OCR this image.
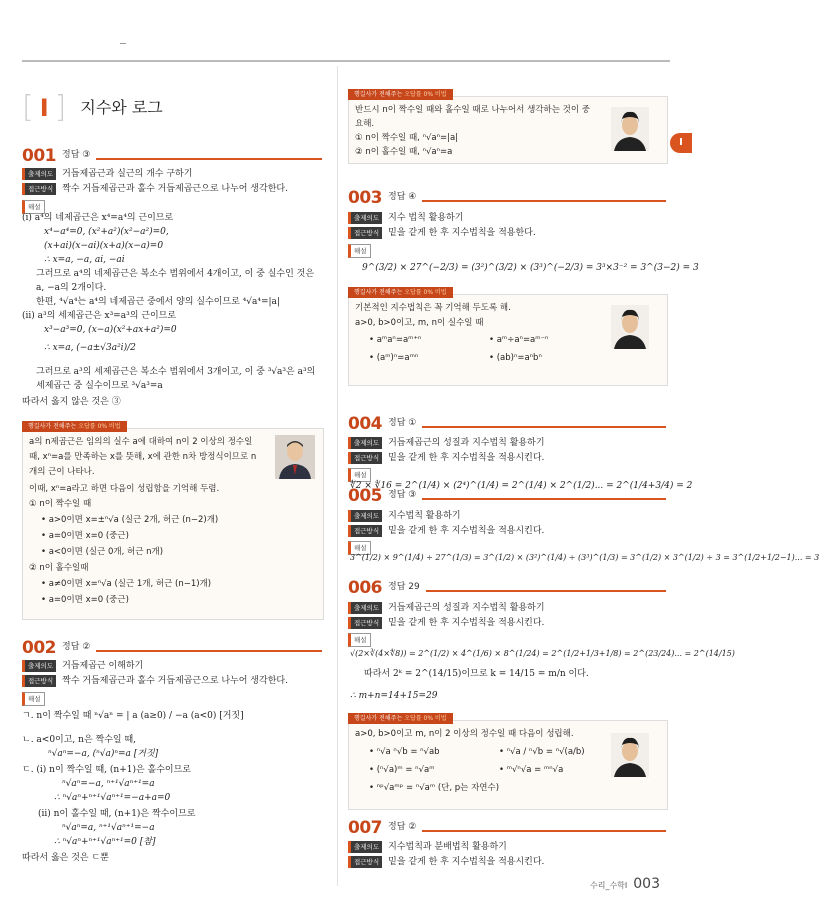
[ I ] 지수와 로그
I
001 정답 ③
출제의도	거듭제곱근과 실근의 개수 구하기
접근방식	짝수 거듭제곱근과 홀수 거듭제곱근으로 나누어 생각한다.
해설
(i) a⁴의 네제곱근은 x⁴=a⁴의 근이므로
x⁴−a⁴=0, (x²+a²)(x²−a²)=0,
(x+ai)(x−ai)(x+a)(x−a)=0
∴ x=a, −a, ai, −ai
그러므로 a⁴의 네제곱근은 복소수 범위에서 4개이고, 이 중 실수인 것은
a, −a의 2개이다.
한편, ⁴√a⁴는 a⁴의 네제곱근 중에서 양의 실수이므로 ⁴√a⁴=|a|
(ii) a³의 세제곱근은 x³=a³의 근이므로
x³−a³=0, (x−a)(x²+ax+a²)=0
∴ x=a, (−a±√3a²i)/2
그러므로 a³의 세제곱근은 복소수 범위에서 3개이고, 이 중 ³√a³은 a³의
세제곱근 중 실수이므로 ³√a³=a
따라서 옳지 않은 것은 ③
행길사가 전해주는 오답률 0% 비법
a의 n제곱근은 임의의 실수 a에 대하여 n이 2 이상의 정수일
때, xⁿ=a를 만족하는 x를 뜻해, x에 관한 n차 방정식이므로 n
개의 근이 나타나.
이때, xⁿ=a라고 하면 다음이 성립함을 기억해 두렴.
① n이 짝수일 때
• a>0이면 x=±ⁿ√a (실근 2개, 허근 (n−2)개)
• a=0이면 x=0 (중근)
• a<0이면 (실근 0개, 허근 n개)
② n이 홀수일때
• a≠0이면 x=ⁿ√a (실근 1개, 허근 (n−1)개)
• a=0이면 x=0 (중근)
002 정답 ②
출제의도	거듭제곱근 이해하기
접근방식	짝수 거듭제곱근과 홀수 거듭제곱근으로 나누어 생각한다.
해설
ㄱ. n이 짝수일 때 ⁿ√aⁿ = | a (a≥0) / −a (a<0) [거짓]
ㄴ. a<0이고, n은 짝수일 때,
ⁿ√aⁿ=−a, (ⁿ√a)ⁿ=a [거짓]
ㄷ. (i) n이 짝수일 때, (n+1)은 홀수이므로
ⁿ√aⁿ=−a, ⁿ⁺¹√aⁿ⁺¹=a
∴ ⁿ√aⁿ+ⁿ⁺¹√aⁿ⁺¹=−a+a=0
(ii) n이 홀수일 때, (n+1)은 짝수이므로
ⁿ√aⁿ=a, ⁿ⁺¹√aⁿ⁺¹=−a
∴ ⁿ√aⁿ+ⁿ⁺¹√aⁿ⁺¹=0 [참]
따라서 옳은 것은 ㄷ뿐
행길사가 전해주는 오답률 0% 비법
반드시 n이 짝수일 때와 홀수일 때로 나누어서 생각하는 것이 중
요해.
① n이 짝수일 때, ⁿ√aⁿ=|a|
② n이 홀수일 때, ⁿ√aⁿ=a
003 정답 ④
출제의도	지수 법칙 활용하기
접근방식	밑을 같게 한 후 지수법칙을 적용한다.
해설
9^(3/2) × 27^(−2/3) = (3²)^(3/2) × (3³)^(−2/3) = 3³×3⁻² = 3^(3−2) = 3
행길사가 전해주는 오답률 0% 비법
기본적인 지수법칙은 꼭 기억해 두도록 해.
a>0, b>0이고, m, n이 실수일 때
• aᵐaⁿ=aᵐ⁺ⁿ	• aᵐ÷aⁿ=aᵐ⁻ⁿ
• (aᵐ)ⁿ=aᵐⁿ	• (ab)ⁿ=aⁿbⁿ
004 정답 ①
출제의도	거듭제곱근의 성질과 지수법칙 활용하기
접근방식	밑을 같게 한 후 지수법칙을 적용시킨다.
해설
∜2 × ∜16 = 2^(1/4) × (2⁴)^(1/4) = 2^(1/4) × 2^(1/2)... = 2^(1/4+3/4) = 2
005 정답 ③
출제의도	지수법칙 활용하기
접근방식	밑을 같게 한 후 지수법칙을 적용시킨다.
해설
3^(1/2) × 9^(1/4) ÷ 27^(1/3) = 3^(1/2) × (3²)^(1/4) ÷ (3³)^(1/3) = 3^(1/2) × 3^(1/2) ÷ 3 = 3^(1/2+1/2−1)... = 3
006 정답 29
출제의도	거듭제곱근의 성질과 지수법칙 활용하기
접근방식	밑을 같게 한 후 지수법칙을 적용시킨다.
해설
√(2×∛(4×∜8)) = 2^(1/2) × 4^(1/6) × 8^(1/24) = 2^(1/2+1/3+1/8) = 2^(23/24)... = 2^(14/15)
따라서 2ᵏ = 2^(14/15)이므로 k = 14/15 = m/n 이다.
∴ m+n=14+15=29
행길사가 전해주는 오답률 0% 비법
a>0, b>0이고 m, n이 2 이상의 정수일 때 다음이 성립해.
• ⁿ√a ⁿ√b = ⁿ√ab	• ⁿ√a / ⁿ√b = ⁿ√(a/b)
• (ⁿ√a)ᵐ = ⁿ√aᵐ	• ᵐ√ⁿ√a = ᵐⁿ√a
• ⁿᵖ√aᵐᵖ = ⁿ√aᵐ (단, p는 자연수)
007 정답 ②
출제의도	지수법칙과 분배법칙 활용하기
접근방식	밑을 같게 한 후 지수법칙을 적용시킨다.
수리_수학Ⅰ 003
